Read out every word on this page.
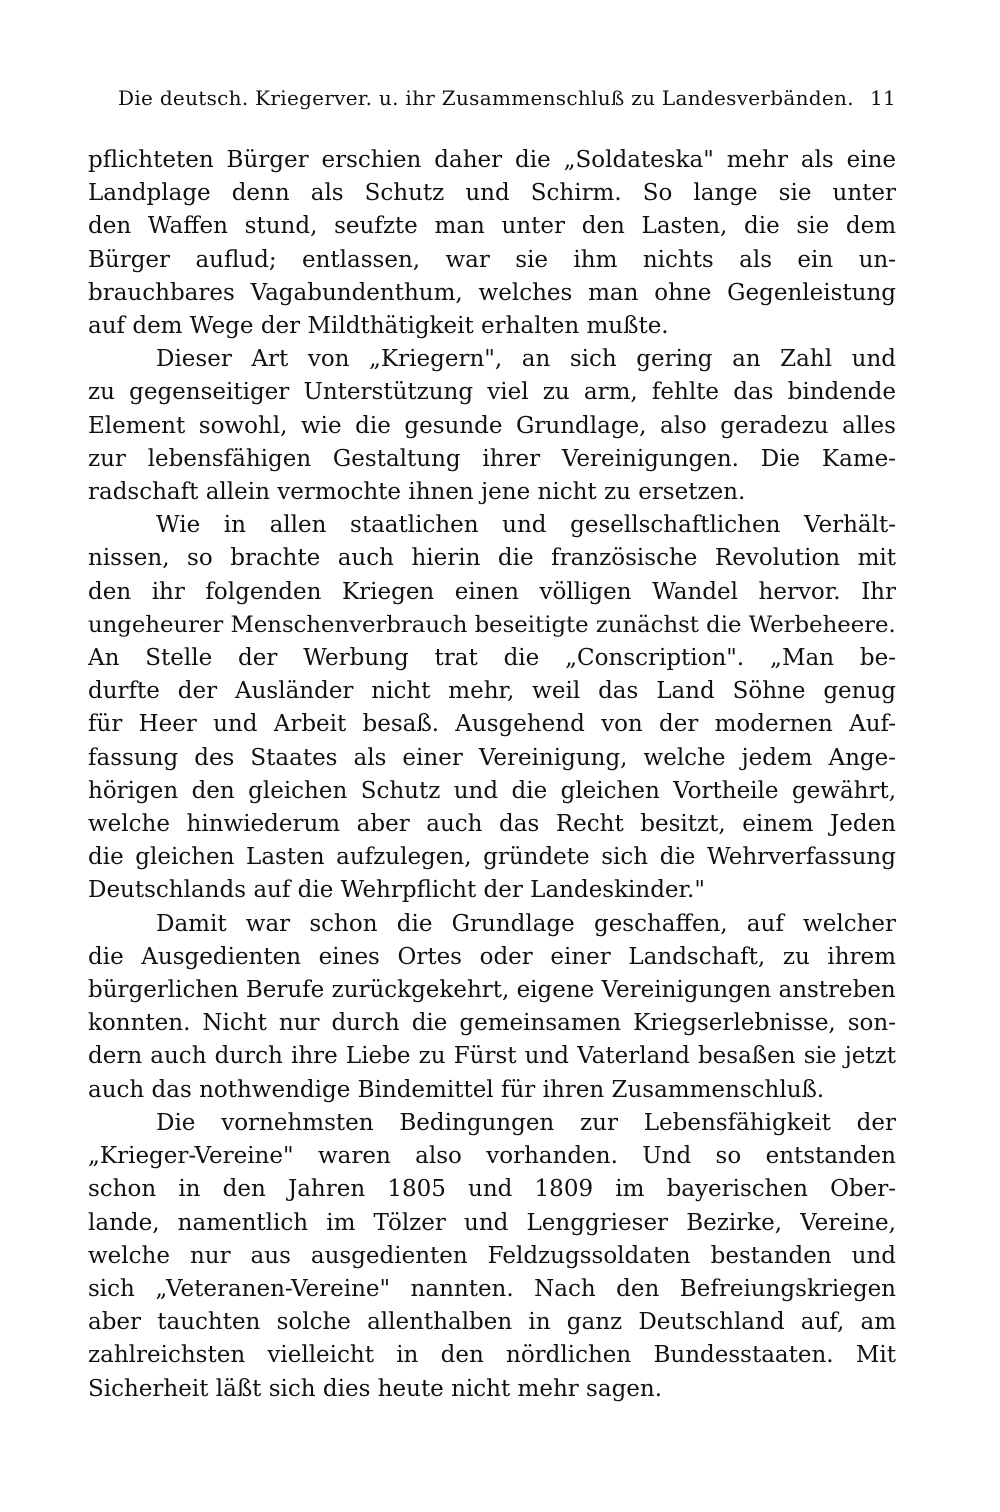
Die deutsch. Kriegerver. u. ihr Zusammenschluß zu Landesverbänden. 11
pflichteten Bürger erschien daher die „Soldateska" mehr als eine
Landplage denn als Schutz und Schirm. So lange sie unter
den Waffen stund, seufzte man unter den Lasten, die sie dem
Bürger auflud; entlassen, war sie ihm nichts als ein un-
brauchbares Vagabundenthum, welches man ohne Gegenleistung
auf dem Wege der Mildthätigkeit erhalten mußte.
Dieser Art von „Kriegern", an sich gering an Zahl und
zu gegenseitiger Unterstützung viel zu arm, fehlte das bindende
Element sowohl, wie die gesunde Grundlage, also geradezu alles
zur lebensfähigen Gestaltung ihrer Vereinigungen. Die Kame-
radschaft allein vermochte ihnen jene nicht zu ersetzen.
Wie in allen staatlichen und gesellschaftlichen Verhält-
nissen, so brachte auch hierin die französische Revolution mit
den ihr folgenden Kriegen einen völligen Wandel hervor. Ihr
ungeheurer Menschenverbrauch beseitigte zunächst die Werbeheere.
An Stelle der Werbung trat die „Conscription". „Man be-
durfte der Ausländer nicht mehr, weil das Land Söhne genug
für Heer und Arbeit besaß. Ausgehend von der modernen Auf-
fassung des Staates als einer Vereinigung, welche jedem Ange-
hörigen den gleichen Schutz und die gleichen Vortheile gewährt,
welche hinwiederum aber auch das Recht besitzt, einem Jeden
die gleichen Lasten aufzulegen, gründete sich die Wehrverfassung
Deutschlands auf die Wehrpflicht der Landeskinder."
Damit war schon die Grundlage geschaffen, auf welcher
die Ausgedienten eines Ortes oder einer Landschaft, zu ihrem
bürgerlichen Berufe zurückgekehrt, eigene Vereinigungen anstreben
konnten. Nicht nur durch die gemeinsamen Kriegserlebnisse, son-
dern auch durch ihre Liebe zu Fürst und Vaterland besaßen sie jetzt
auch das nothwendige Bindemittel für ihren Zusammenschluß.
Die vornehmsten Bedingungen zur Lebensfähigkeit der
„Krieger-Vereine" waren also vorhanden. Und so entstanden
schon in den Jahren 1805 und 1809 im bayerischen Ober-
lande, namentlich im Tölzer und Lenggrieser Bezirke, Vereine,
welche nur aus ausgedienten Feldzugssoldaten bestanden und
sich „Veteranen-Vereine" nannten. Nach den Befreiungskriegen
aber tauchten solche allenthalben in ganz Deutschland auf, am
zahlreichsten vielleicht in den nördlichen Bundesstaaten. Mit
Sicherheit läßt sich dies heute nicht mehr sagen.
